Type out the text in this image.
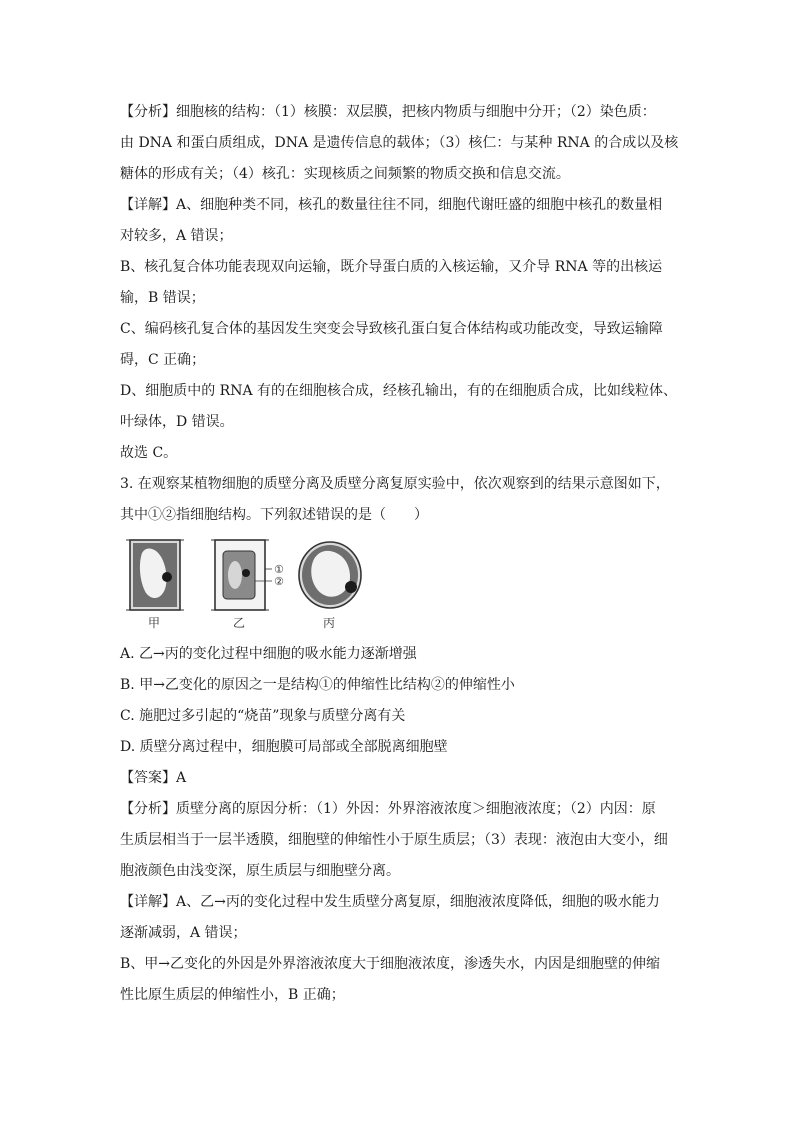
【分析】细胞核的结构：（1）核膜：双层膜，把核内物质与细胞中分开；（2）染色质：
由 DNA 和蛋白质组成，DNA 是遗传信息的载体；（3）核仁：与某种 RNA 的合成以及核
糖体的形成有关；（4）核孔：实现核质之间频繁的物质交换和信息交流。
【详解】A、细胞种类不同，核孔的数量往往不同，细胞代谢旺盛的细胞中核孔的数量相
对较多，A 错误；
B、核孔复合体功能表现双向运输，既介导蛋白质的入核运输，又介导 RNA 等的出核运
输，B 错误；
C、编码核孔复合体的基因发生突变会导致核孔蛋白复合体结构或功能改变，导致运输障
碍，C 正确；
D、细胞质中的 RNA 有的在细胞核合成，经核孔输出，有的在细胞质合成，比如线粒体、
叶绿体，D 错误。
故选 C。
3. 在观察某植物细胞的质壁分离及质壁分离复原实验中，依次观察到的结果示意图如下，
其中①②指细胞结构。下列叙述错误的是（　　）
①
②
甲	乙	丙

A. 乙→丙的变化过程中细胞的吸水能力逐渐增强

B. 甲→乙变化的原因之一是结构①的伸缩性比结构②的伸缩性小

C. 施肥过多引起的“烧苗”现象与质壁分离有关

D. 质壁分离过程中，细胞膜可局部或全部脱离细胞壁

【答案】A

【分析】质壁分离的原因分析：（1）外因：外界溶液浓度＞细胞液浓度；（2）内因：原
生质层相当于一层半透膜，细胞壁的伸缩性小于原生质层；（3）表现：液泡由大变小，细
胞液颜色由浅变深，原生质层与细胞壁分离。
【详解】A、乙→丙的变化过程中发生质壁分离复原，细胞液浓度降低，细胞的吸水能力
逐渐减弱，A 错误；
B、甲→乙变化的外因是外界溶液浓度大于细胞液浓度，渗透失水，内因是细胞壁的伸缩
性比原生质层的伸缩性小，B 正确；
